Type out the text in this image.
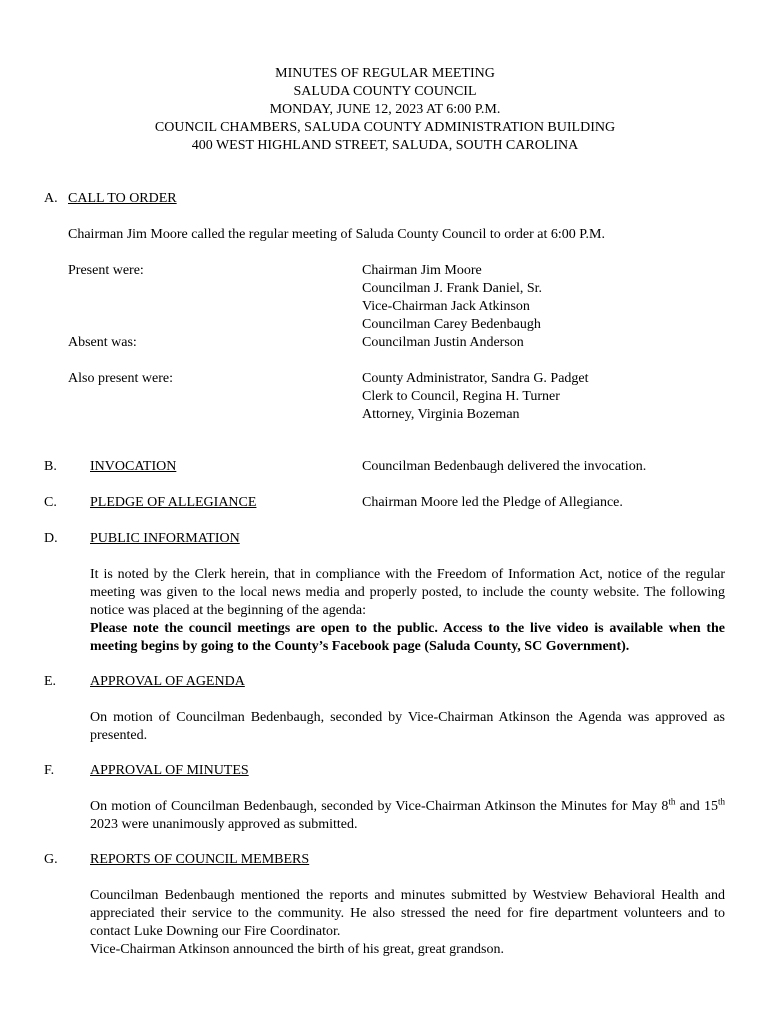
MINUTES OF REGULAR MEETING
SALUDA COUNTY COUNCIL
MONDAY, JUNE 12, 2023 AT 6:00 P.M.
COUNCIL CHAMBERS, SALUDA COUNTY ADMINISTRATION BUILDING
400 WEST HIGHLAND STREET, SALUDA, SOUTH CAROLINA
A. CALL TO ORDER
Chairman Jim Moore called the regular meeting of Saluda County Council to order at 6:00 P.M.
Present were:	Chairman Jim Moore
Councilman J. Frank Daniel, Sr.
Vice-Chairman Jack Atkinson
Councilman Carey Bedenbaugh
Absent was:	Councilman Justin Anderson
Also present were:	County Administrator, Sandra G. Padget
Clerk to Council, Regina H. Turner
Attorney, Virginia Bozeman
B. INVOCATION	Councilman Bedenbaugh delivered the invocation.
C. PLEDGE OF ALLEGIANCE	Chairman Moore led the Pledge of Allegiance.
D. PUBLIC INFORMATION
It is noted by the Clerk herein, that in compliance with the Freedom of Information Act, notice of the regular meeting was given to the local news media and properly posted, to include the county website. The following notice was placed at the beginning of the agenda:
Please note the council meetings are open to the public. Access to the live video is available when the meeting begins by going to the County’s Facebook page (Saluda County, SC Government).
E. APPROVAL OF AGENDA
On motion of Councilman Bedenbaugh, seconded by Vice-Chairman Atkinson the Agenda was approved as presented.
F.	APPROVAL OF MINUTES
On motion of Councilman Bedenbaugh, seconded by Vice-Chairman Atkinson the Minutes for May 8th and 15th 2023 were unanimously approved as submitted.
G. REPORTS OF COUNCIL MEMBERS
Councilman Bedenbaugh mentioned the reports and minutes submitted by Westview Behavioral Health and appreciated their service to the community. He also stressed the need for fire department volunteers and to contact Luke Downing our Fire Coordinator.
Vice-Chairman Atkinson announced the birth of his great, great grandson.
